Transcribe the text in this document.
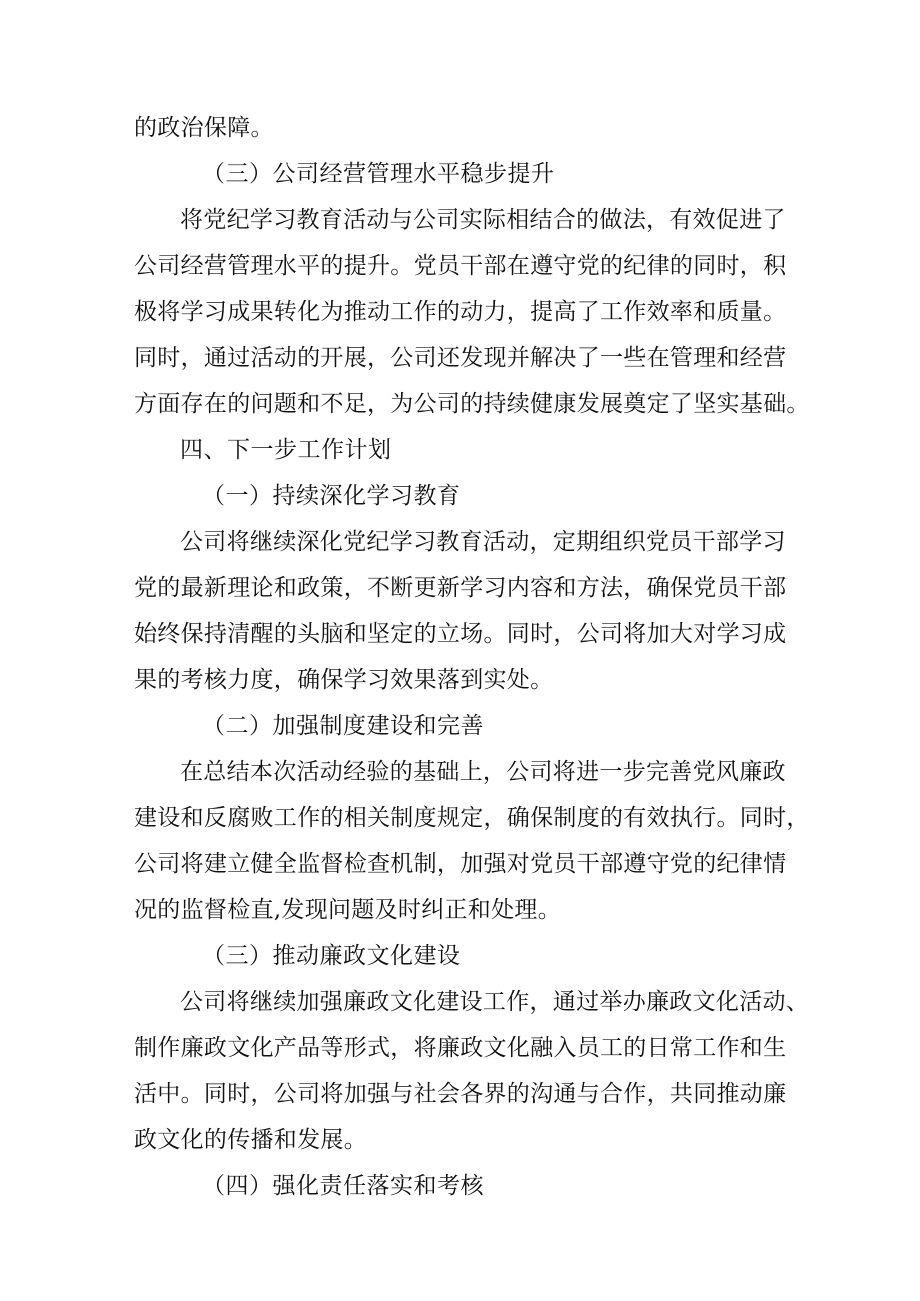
的政治保障。
（三）公司经营管理水平稳步提升
将党纪学习教育活动与公司实际相结合的做法，有效促进了
公司经营管理水平的提升。党员干部在遵守党的纪律的同时，积
极将学习成果转化为推动工作的动力，提高了工作效率和质量。
同时，通过活动的开展，公司还发现并解决了一些在管理和经营
方面存在的问题和不足，为公司的持续健康发展奠定了坚实基础。
四、下一步工作计划
（一）持续深化学习教育
公司将继续深化党纪学习教育活动，定期组织党员干部学习
党的最新理论和政策，不断更新学习内容和方法，确保党员干部
始终保持清醒的头脑和坚定的立场。同时，公司将加大对学习成
果的考核力度，确保学习效果落到实处。
（二）加强制度建设和完善
在总结本次活动经验的基础上，公司将进一步完善党风廉政
建设和反腐败工作的相关制度规定，确保制度的有效执行。同时，
公司将建立健全监督检查机制，加强对党员干部遵守党的纪律情
况的监督检直,发现问题及时纠正和处理。
（三）推动廉政文化建设
公司将继续加强廉政文化建设工作，通过举办廉政文化活动、
制作廉政文化产品等形式，将廉政文化融入员工的日常工作和生
活中。同时，公司将加强与社会各界的沟通与合作，共同推动廉
政文化的传播和发展。
（四）强化责任落实和考核
